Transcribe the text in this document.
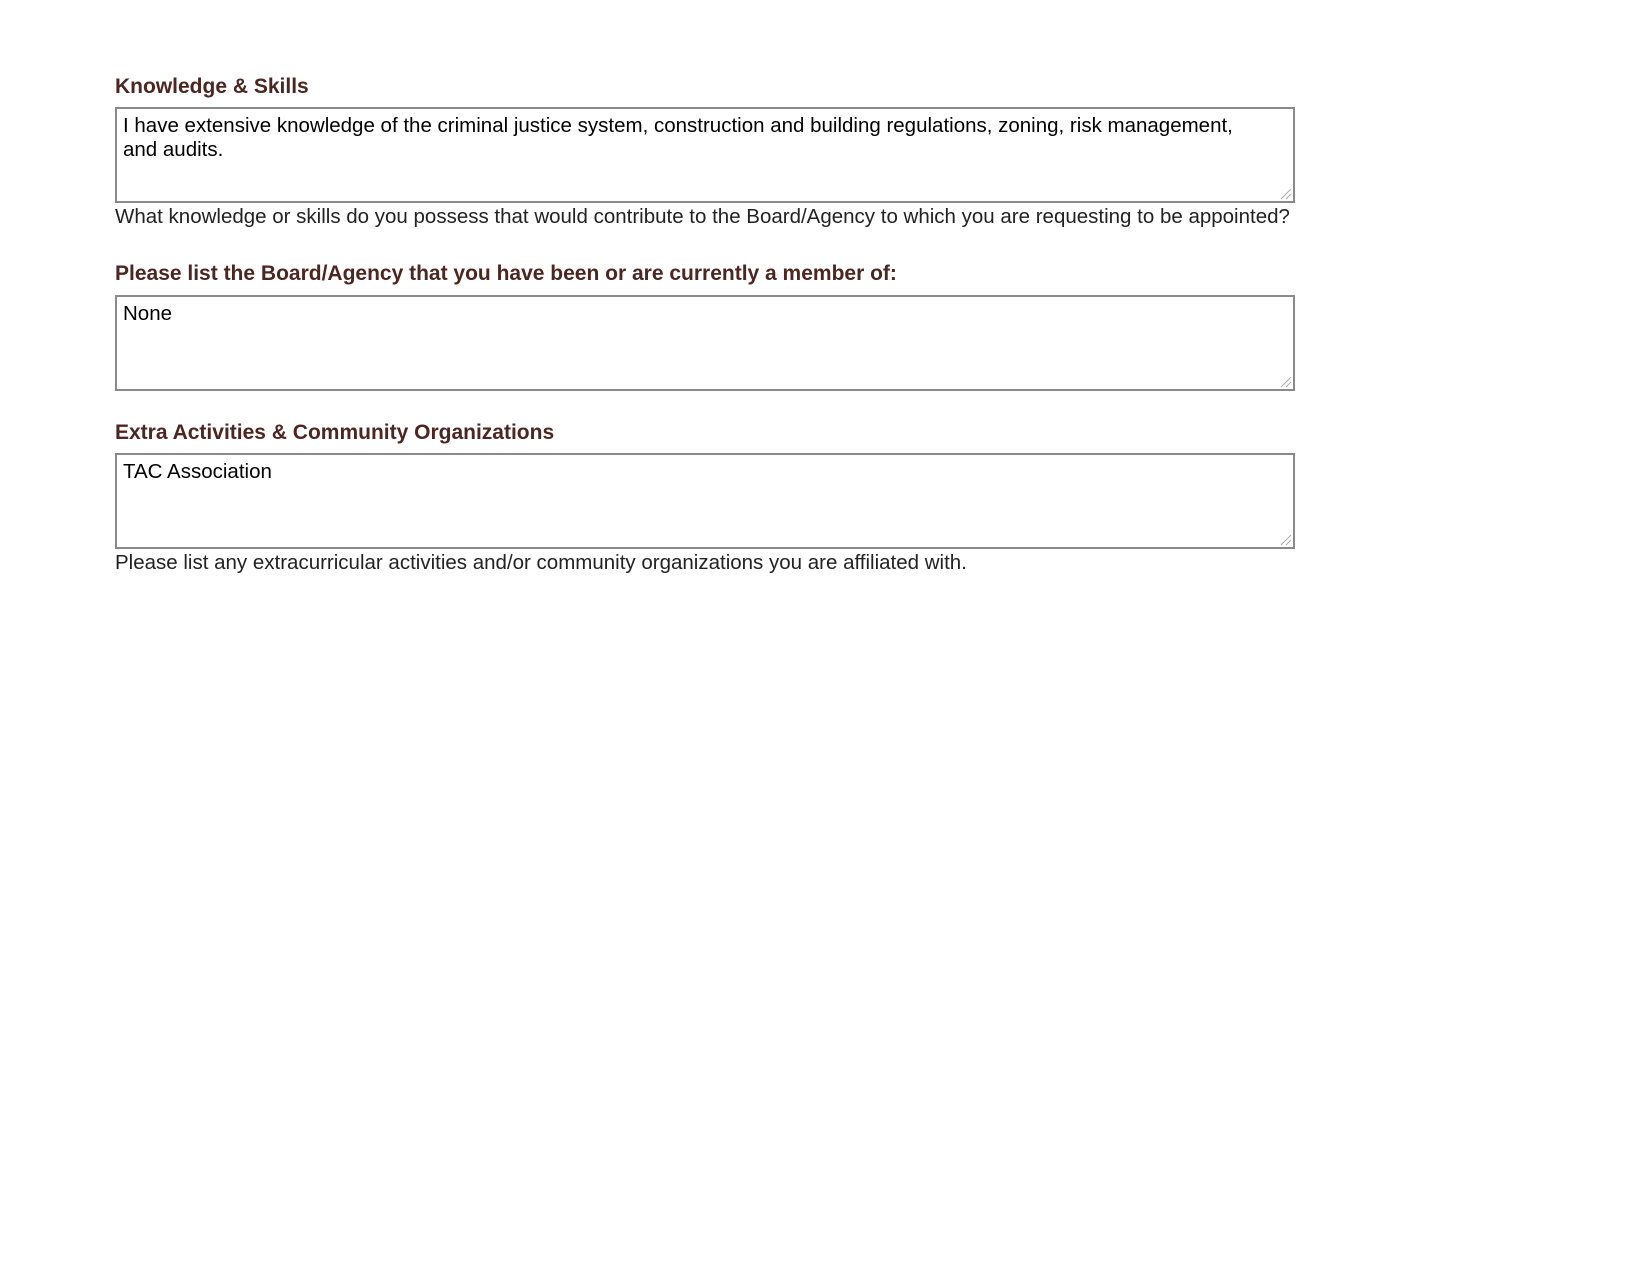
Knowledge & Skills

I have extensive knowledge of the criminal justice system, construction and building regulations, zoning, risk management,
and audits.

What knowledge or skills do you possess that would contribute to the Board/Agency to which you are requesting to be appointed?

Please list the Board/Agency that you have been or are currently a member of:

None

Extra Activities & Community Organizations

TAC Association

Please list any extracurricular activities and/or community organizations you are affiliated with.
